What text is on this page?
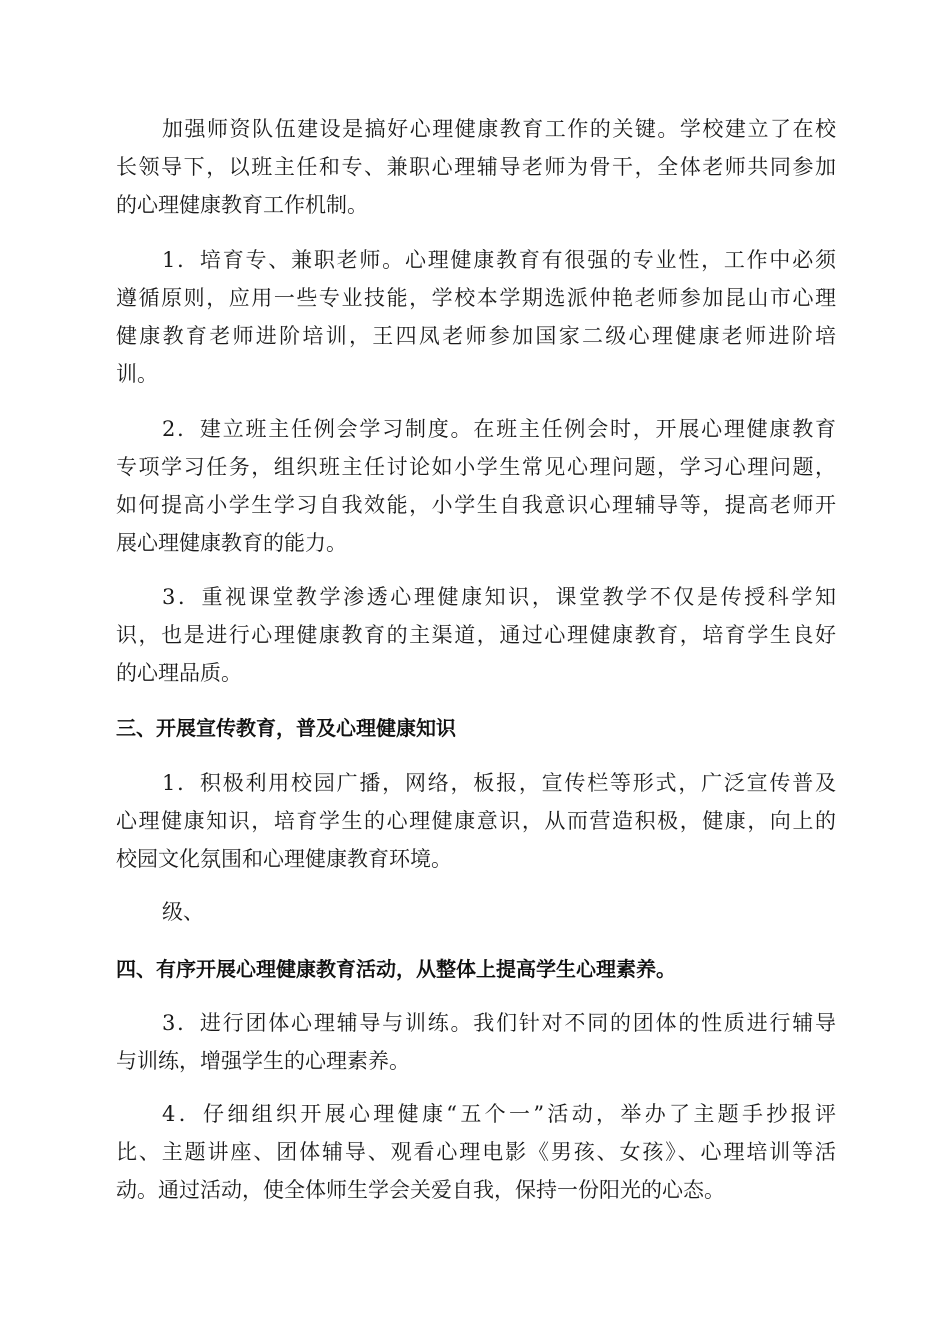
加强师资队伍建设是搞好心理健康教育工作的关键。学校建立了在校
长领导下，以班主任和专、兼职心理辅导老师为骨干，全体老师共同参加
的心理健康教育工作机制。
1．培育专、兼职老师。心理健康教育有很强的专业性，工作中必须
遵循原则，应用一些专业技能，学校本学期选派仲艳老师参加昆山市心理
健康教育老师进阶培训，王四凤老师参加国家二级心理健康老师进阶培
训。
2．建立班主任例会学习制度。在班主任例会时，开展心理健康教育
专项学习任务，组织班主任讨论如小学生常见心理问题，学习心理问题，
如何提高小学生学习自我效能，小学生自我意识心理辅导等，提高老师开
展心理健康教育的能力。
3．重视课堂教学渗透心理健康知识，课堂教学不仅是传授科学知
识，也是进行心理健康教育的主渠道，通过心理健康教育，培育学生良好
的心理品质。
三、开展宣传教育，普及心理健康知识
1．积极利用校园广播，网络，板报，宣传栏等形式，广泛宣传普及
心理健康知识，培育学生的心理健康意识，从而营造积极，健康，向上的
校园文化氛围和心理健康教育环境。
级、
四、有序开展心理健康教育活动，从整体上提高学生心理素养。
3．进行团体心理辅导与训练。我们针对不同的团体的性质进行辅导
与训练，增强学生的心理素养。
4．仔细组织开展心理健康“五个一”活动，举办了主题手抄报评
比、主题讲座、团体辅导、观看心理电影《男孩、女孩》、心理培训等活
动。通过活动，使全体师生学会关爱自我，保持一份阳光的心态。
